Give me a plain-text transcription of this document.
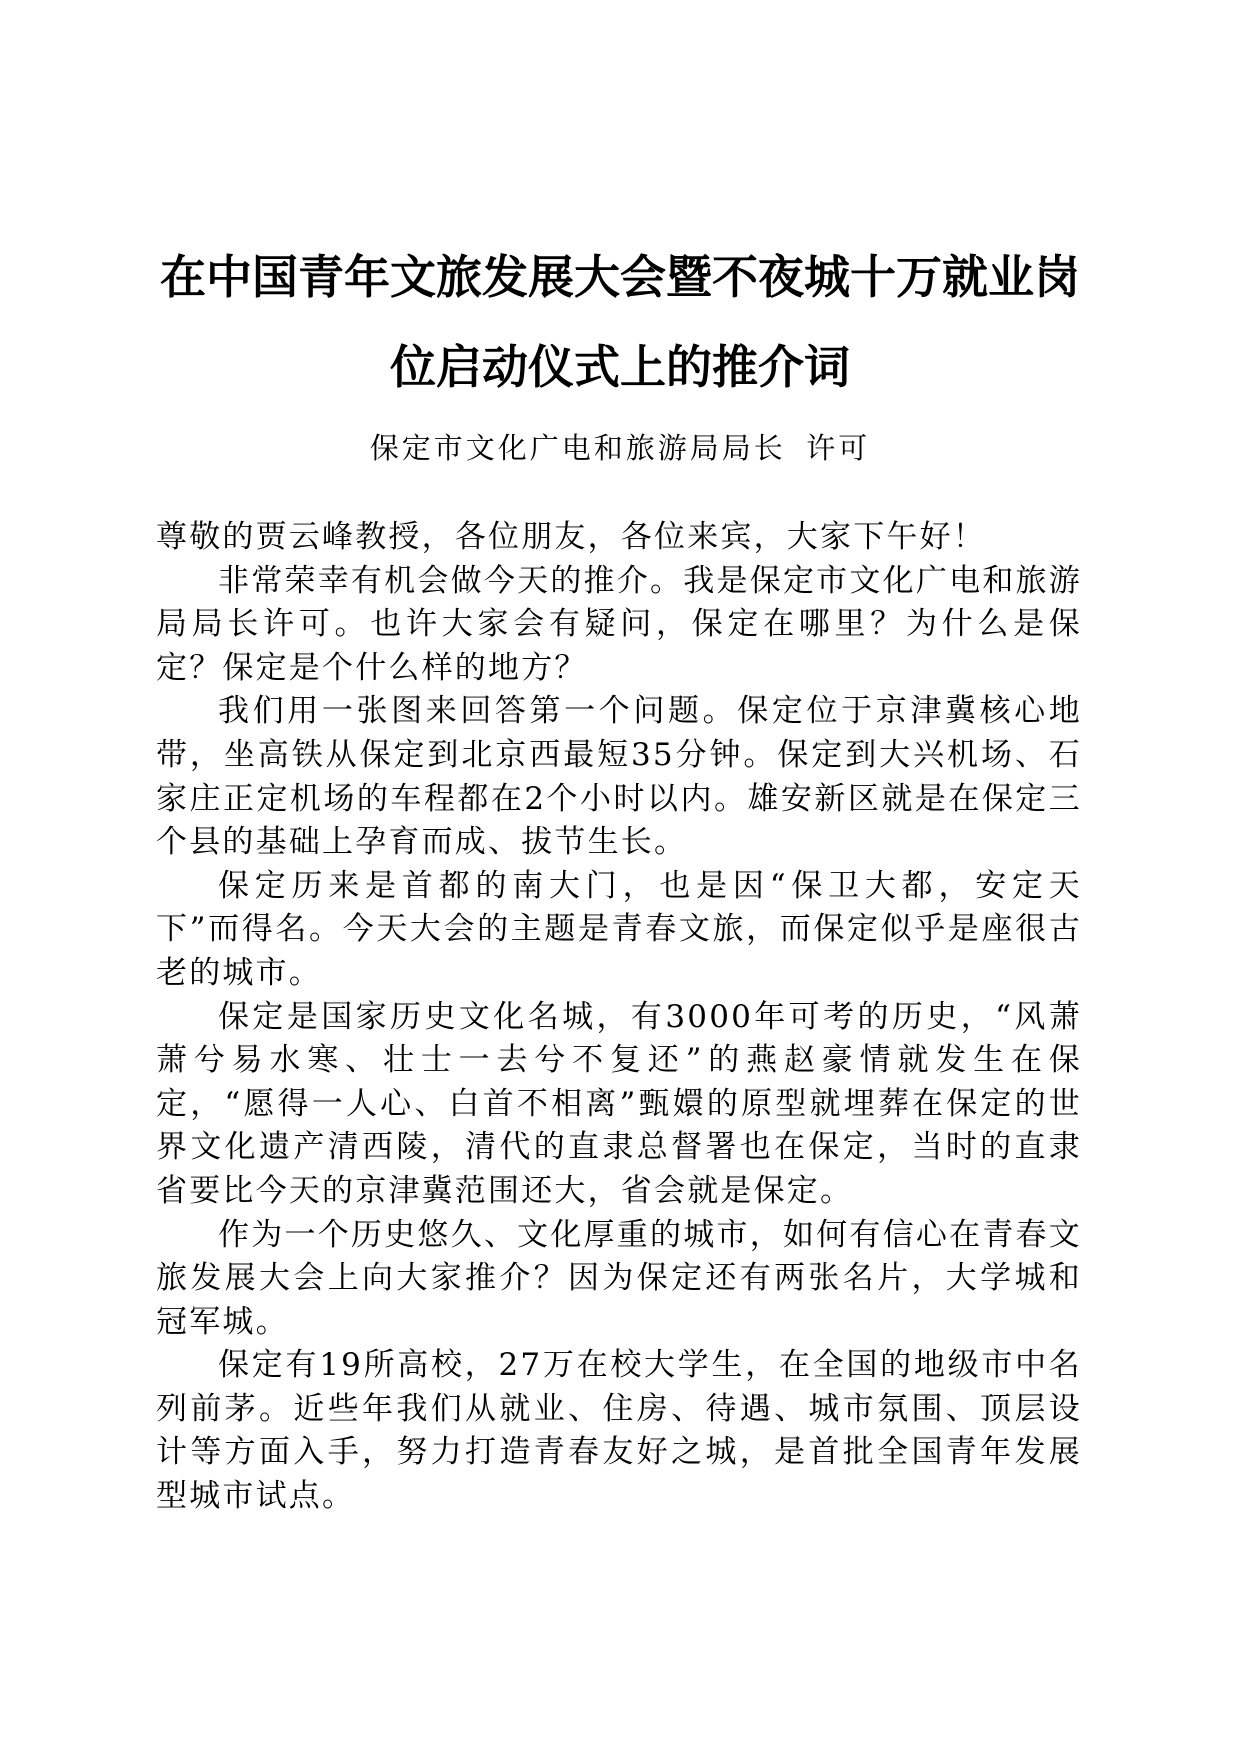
在中国青年文旅发展大会暨不夜城十万就业岗位启动仪式上的推介词
保定市文化广电和旅游局局长 许可

尊敬的贾云峰教授，各位朋友，各位来宾，大家下午好！

非常荣幸有机会做今天的推介。我是保定市文化广电和旅游局局长许可。也许大家会有疑问，保定在哪里？为什么是保定？保定是个什么样的地方？

我们用一张图来回答第一个问题。保定位于京津冀核心地带，坐高铁从保定到北京西最短35分钟。保定到大兴机场、石家庄正定机场的车程都在2个小时以内。雄安新区就是在保定三个县的基础上孕育而成、拔节生长。

保定历来是首都的南大门，也是因“保卫大都，安定天下”而得名。今天大会的主题是青春文旅，而保定似乎是座很古老的城市。

保定是国家历史文化名城，有3000年可考的历史，“风萧萧兮易水寒、壮士一去兮不复还”的燕赵豪情就发生在保定，“愿得一人心、白首不相离”甄嬛的原型就埋葬在保定的世界文化遗产清西陵，清代的直隶总督署也在保定，当时的直隶省要比今天的京津冀范围还大，省会就是保定。

作为一个历史悠久、文化厚重的城市，如何有信心在青春文旅发展大会上向大家推介？因为保定还有两张名片，大学城和冠军城。

保定有19所高校，27万在校大学生，在全国的地级市中名列前茅。近些年我们从就业、住房、待遇、城市氛围、顶层设计等方面入手，努力打造青春友好之城，是首批全国青年发展型城市试点。
